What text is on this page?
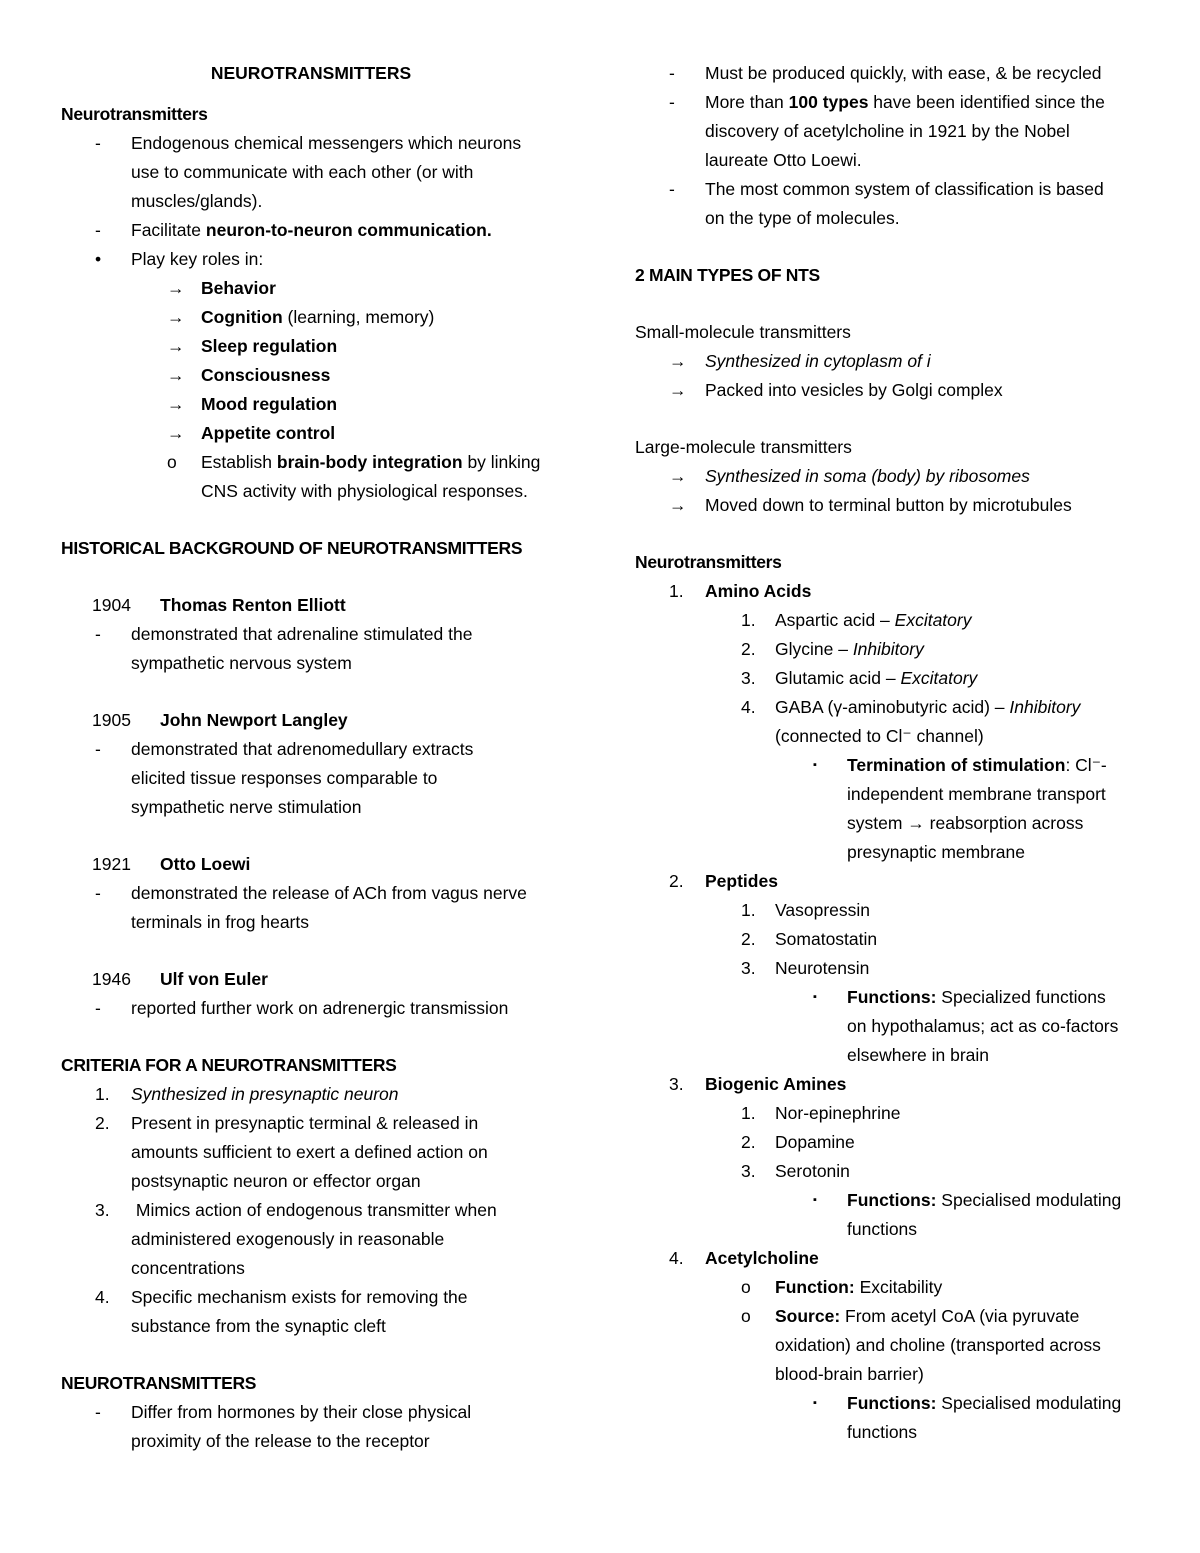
NEUROTRANSMITTERS

Neurotransmitters

- Endogenous chemical messengers which neurons
use to communicate with each other (or with
muscles/glands).
- Facilitate neuron-to-neuron communication.
• Play key roles in:
→ Behavior
→ Cognition (learning, memory)
→ Sleep regulation
→ Consciousness
→ Mood regulation
→ Appetite control
o Establish brain-body integration by linking
CNS activity with physiological responses.

HISTORICAL BACKGROUND OF NEUROTRANSMITTERS

1904 Thomas Renton Elliott

- demonstrated that adrenaline stimulated the
sympathetic nervous system

1905 John Newport Langley

- demonstrated that adrenomedullary extracts
elicited tissue responses comparable to
sympathetic nerve stimulation

1921 Otto Loewi

- demonstrated the release of ACh from vagus nerve
terminals in frog hearts

1946 Ulf von Euler

- reported further work on adrenergic transmission

CRITERIA FOR A NEUROTRANSMITTERS

1. Synthesized in presynaptic neuron
2. Present in presynaptic terminal & released in
amounts sufficient to exert a defined action on
postsynaptic neuron or effector organ
3. Mimics action of endogenous transmitter when
administered exogenously in reasonable
concentrations
4. Specific mechanism exists for removing the
substance from the synaptic cleft

NEUROTRANSMITTERS

- Differ from hormones by their close physical
proximity of the release to the receptor
- Must be produced quickly, with ease, & be recycled
- More than 100 types have been identified since the
discovery of acetylcholine in 1921 by the Nobel
laureate Otto Loewi.
- The most common system of classification is based
on the type of molecules.

2 MAIN TYPES OF NTS

Small-molecule transmitters

→ Synthesized in cytoplasm of i
→ Packed into vesicles by Golgi complex

Large-molecule transmitters

→ Synthesized in soma (body) by ribosomes
→ Moved down to terminal button by microtubules

Neurotransmitters

1. Amino Acids
1. Aspartic acid – Excitatory
2. Glycine – Inhibitory
3. Glutamic acid – Excitatory
4. GABA (γ-aminobutyric acid) – Inhibitory
(connected to Cl⁻ channel)
▪ Termination of stimulation: Cl⁻-
independent membrane transport
system → reabsorption across
presynaptic membrane
2. Peptides
1. Vasopressin
2. Somatostatin
3. Neurotensin
▪ Functions: Specialized functions
on hypothalamus; act as co-factors
elsewhere in brain
3. Biogenic Amines
1. Nor-epinephrine
2. Dopamine
3. Serotonin
▪ Functions: Specialised modulating
functions
4. Acetylcholine
o Function: Excitability
o Source: From acetyl CoA (via pyruvate
oxidation) and choline (transported across
blood-brain barrier)
▪ Functions: Specialised modulating
functions
